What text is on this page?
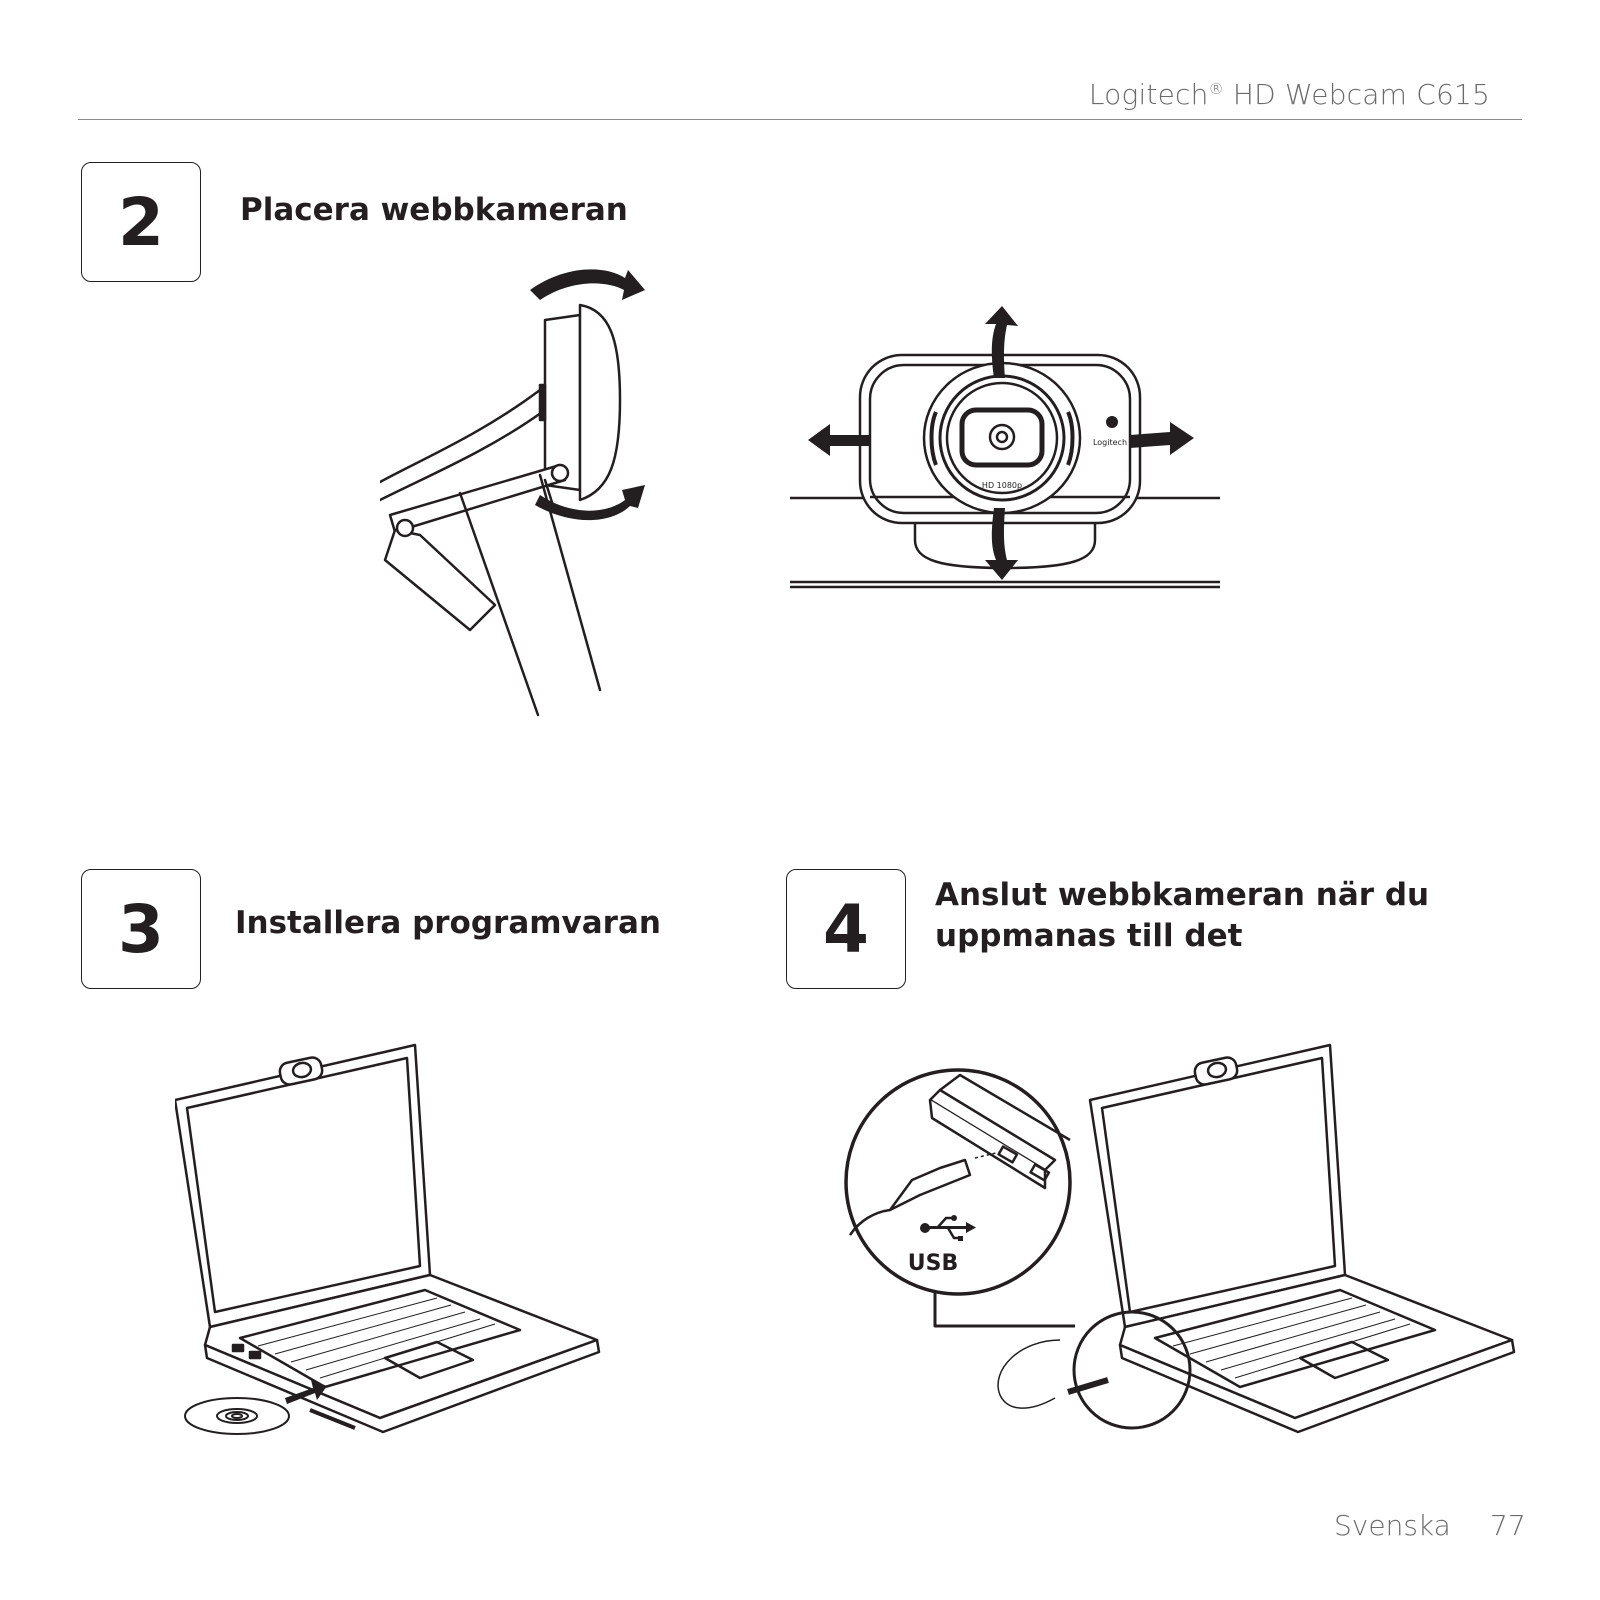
Logitech® HD Webcam C615
2 Placera webbkameran
HD 1080p
Logitech
3 Installera programvaran 4 Anslut webbkameran när du
uppmanas till det
USB
Svenska 77
